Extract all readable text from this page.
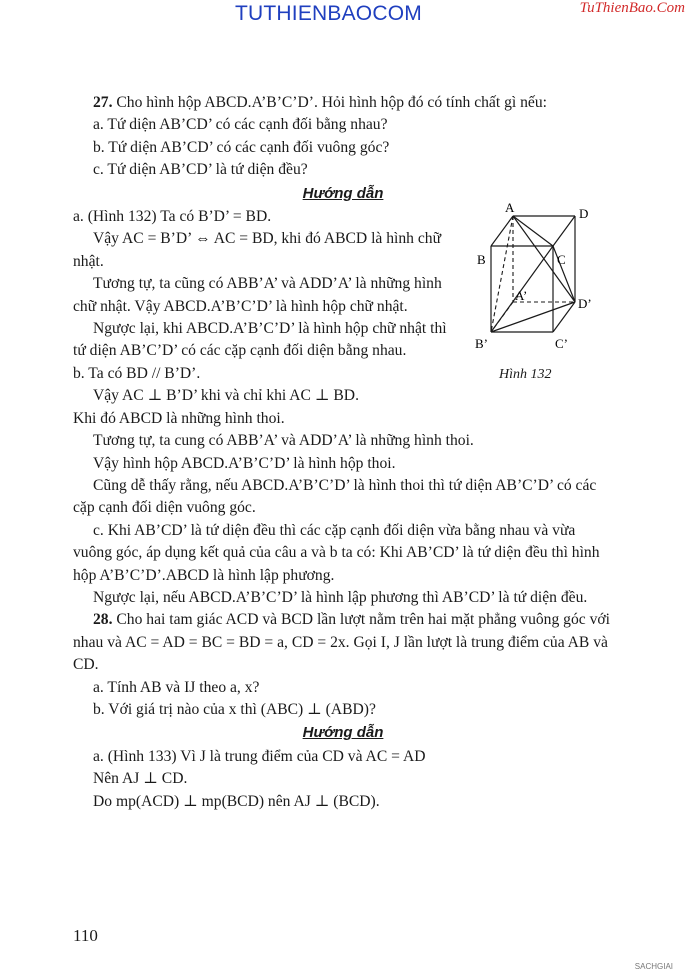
TUTHIENBAOCOM	TuThienBao.Com

27. Cho hình hộp ABCD.A’B’C’D’. Hỏi hình hộp đó có tính chất gì nếu:

a. Tứ diện AB’CD’ có các cạnh đối bằng nhau?

b. Tứ diện AB’CD’ có các cạnh đối vuông góc?

c. Tứ diện AB’CD’ là tứ diện đều?

Hướng dẫn

A	D
B	C
A’
D’
B’	C’
Hình 132

a. (Hình 132) Ta có B’D’ = BD.

Vậy AC = B’D’ ⇔ AC = BD, khi đó ABCD là hình chữ nhật.

Tương tự, ta cũng có ABB’A’ và ADD’A’ là những hình chữ nhật. Vậy ABCD.A’B’C’D’ là hình hộp chữ nhật.

Ngược lại, khi ABCD.A’B’C’D’ là hình hộp chữ nhật thì tứ diện AB’C’D’ có các cặp cạnh đối diện bằng nhau.

b. Ta có BD // B’D’.

Vậy AC ⊥ B’D’ khi và chỉ khi AC ⊥ BD.

Khi đó ABCD là những hình thoi.

Tương tự, ta cung có ABB’A’ và ADD’A’ là những hình thoi.

Vậy hình hộp ABCD.A’B’C’D’ là hình hộp thoi.

Cũng dễ thấy rằng, nếu ABCD.A’B’C’D’ là hình thoi thì tứ diện AB’C’D’ có các cặp cạnh đối diện vuông góc.

c. Khi AB’CD’ là tứ diện đều thì các cặp cạnh đối diện vừa bằng nhau và vừa vuông góc, áp dụng kết quả của câu a và b ta có: Khi AB’CD’ là tứ diện đều thì hình hộp A’B’C’D’.ABCD là hình lập phương.

Ngược lại, nếu ABCD.A’B’C’D’ là hình lập phương thì AB’CD’ là tứ diện đều.

28. Cho hai tam giác ACD và BCD lần lượt nằm trên hai mặt phẳng vuông góc với nhau và AC = AD = BC = BD = a, CD = 2x. Gọi I, J lần lượt là trung điểm của AB và CD.

a. Tính AB và IJ theo a, x?

b. Với giá trị nào của x thì (ABC) ⊥ (ABD)?

Hướng dẫn

a. (Hình 133) Vì J là trung điểm của CD và AC = AD

Nên AJ ⊥ CD.

Do mp(ACD) ⊥ mp(BCD) nên AJ ⊥ (BCD).

110
SACHGIAI
